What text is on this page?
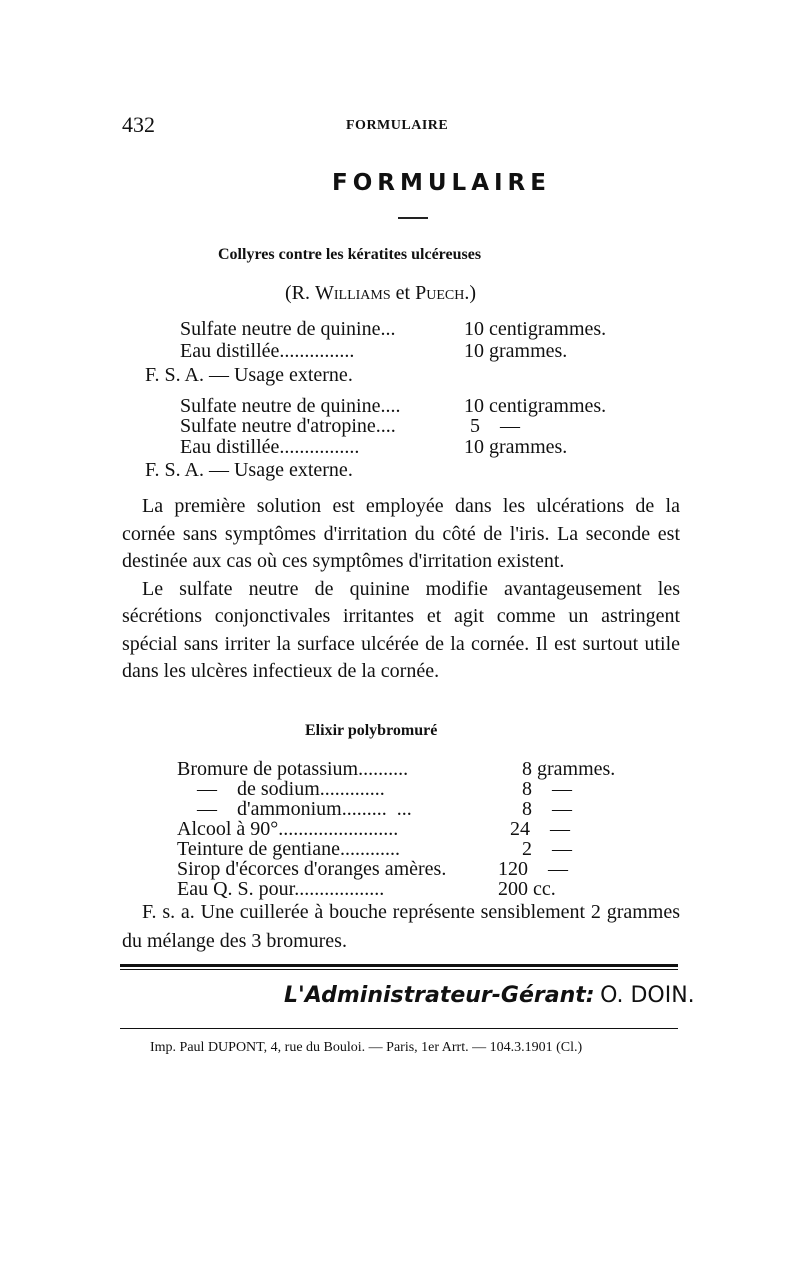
432	FORMULAIRE
FORMULAIRE
Collyres contre les kératites ulcéreuses
(R. Williams et Puech.)
Sulfate neutre de quinine...	10 centigrammes.
Eau distillée...............	10 grammes.
F. S. A. — Usage externe.
Sulfate neutre de quinine....	10 centigrammes.
Sulfate neutre d'atropine....	5    —
Eau distillée................	10 grammes.
F. S. A. — Usage externe.

La première solution est employée dans les ulcérations de la cornée sans symptômes d'irritation du côté de l'iris. La seconde est destinée aux cas où ces symptômes d'irritation existent.

Le sulfate neutre de quinine modifie avantageusement les sécrétions conjonctivales irritantes et agit comme un astringent spécial sans irriter la surface ulcérée de la cornée. Il est surtout utile dans les ulcères infectieux de la cornée.

Elixir polybromuré
Bromure de potassium..........	8 grammes.
—    de sodium.............	8    —
—    d'ammonium.........  ...	8    —
Alcool à 90°........................	24    —
Teinture de gentiane............	2    —
Sirop d'écorces d'oranges amères.	120    —
Eau Q. S. pour..................	200 cc.

F. s. a. Une cuillerée à bouche représente sensiblement 2 grammes du mélange des 3 bromures.

L'Administrateur-Gérant: O. DOIN.
Imp. Paul DUPONT, 4, rue du Bouloi. — Paris, 1er Arrt. — 104.3.1901 (Cl.)
